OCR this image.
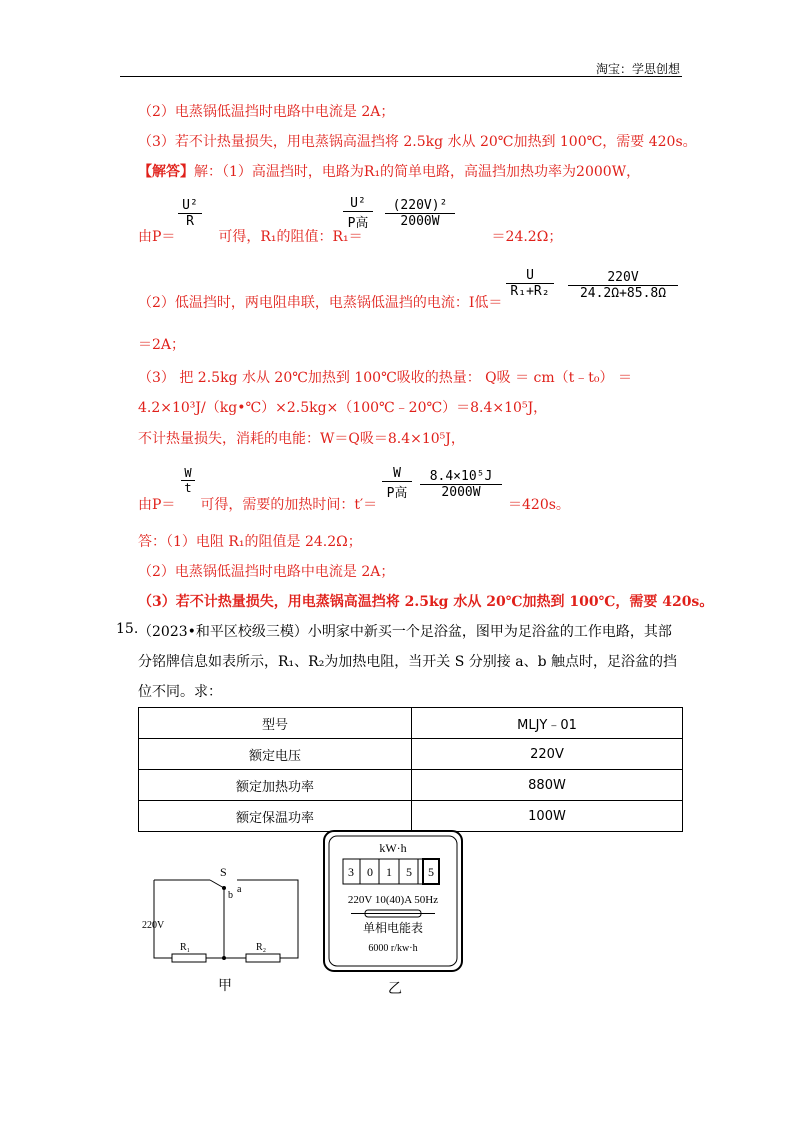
淘宝：学思创想
（2）电蒸锅低温挡时电路中电流是 2A；
（3）若不计热量损失，用电蒸锅高温挡将 2.5kg 水从 20℃加热到 100℃，需要 420s。
【解答】解：（1）高温挡时，电路为R₁的简单电路，高温挡加热功率为2000W，
由P＝	可得，R₁的阻值：R₁＝	＝24.2Ω；
U²
R
U²
P高
(220V)²
2000W
（2）低温挡时，两电阻串联，电蒸锅低温挡的电流：I低＝
U
R₁+R₂
220V
24.2Ω+85.8Ω
＝2A；
（3） 把 2.5kg 水从 20℃加热到 100℃吸收的热量： Q吸 ＝ cm（t﹣t₀） ＝
4.2×10³J/（kg•℃）×2.5kg×（100℃﹣20℃）＝8.4×10⁵J，
不计热量损失，消耗的电能：W＝Q吸＝8.4×10⁵J，
由P＝ 可得，需要的加热时间：t′＝
W
t
W
P高
8.4×10⁵J
2000W
＝420s。
答：（1）电阻 R₁的阻值是 24.2Ω；
（2）电蒸锅低温挡时电路中电流是 2A；
（3）若不计热量损失，用电蒸锅高温挡将 2.5kg 水从 20℃加热到 100℃，需要 420s。
15. （2023•和平区校级三模）小明家中新买一个足浴盆，图甲为足浴盆的工作电路，其部
分铭牌信息如表所示，R₁、R₂为加热电阻，当开关 S 分别接 a、b 触点时，足浴盆的挡
位不同。求：
型号	MLJY﹣01
额定电压	220V
额定加热功率	880W
额定保温功率	100W
S
a
b
220V
R₁	R₂
甲
kW·h
3 0 1 5 5
220V 10(40)A 50Hz
单相电能表
6000 r/kw·h
乙
